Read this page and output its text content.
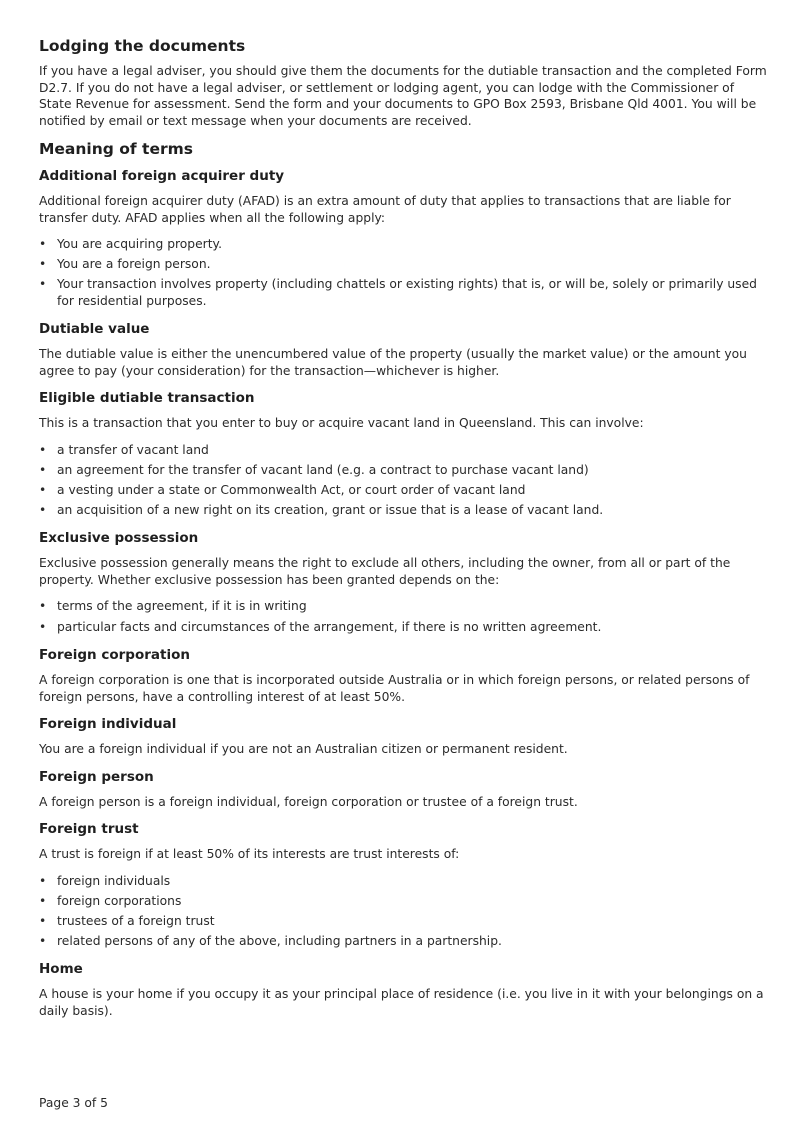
Lodging the documents

If you have a legal adviser, you should give them the documents for the dutiable transaction and the completed Form D2.7. If you do not have a legal adviser, or settlement or lodging agent, you can lodge with the Commissioner of State Revenue for assessment. Send the form and your documents to GPO Box 2593, Brisbane Qld 4001. You will be notified by email or text message when your documents are received.

Meaning of terms
Additional foreign acquirer duty

Additional foreign acquirer duty (AFAD) is an extra amount of duty that applies to transactions that are liable for transfer duty. AFAD applies when all the following apply:

• You are acquiring property.
• You are a foreign person.
• Your transaction involves property (including chattels or existing rights) that is, or will be, solely or primarily used for residential purposes.
Dutiable value

The dutiable value is either the unencumbered value of the property (usually the market value) or the amount you agree to pay (your consideration) for the transaction—whichever is higher.

Eligible dutiable transaction

This is a transaction that you enter to buy or acquire vacant land in Queensland. This can involve:

• a transfer of vacant land
• an agreement for the transfer of vacant land (e.g. a contract to purchase vacant land)
• a vesting under a state or Commonwealth Act, or court order of vacant land
• an acquisition of a new right on its creation, grant or issue that is a lease of vacant land.
Exclusive possession

Exclusive possession generally means the right to exclude all others, including the owner, from all or part of the property. Whether exclusive possession has been granted depends on the:

• terms of the agreement, if it is in writing
• particular facts and circumstances of the arrangement, if there is no written agreement.
Foreign corporation

A foreign corporation is one that is incorporated outside Australia or in which foreign persons, or related persons of foreign persons, have a controlling interest of at least 50%.

Foreign individual

You are a foreign individual if you are not an Australian citizen or permanent resident.

Foreign person

A foreign person is a foreign individual, foreign corporation or trustee of a foreign trust.

Foreign trust

A trust is foreign if at least 50% of its interests are trust interests of:

• foreign individuals
• foreign corporations
• trustees of a foreign trust
• related persons of any of the above, including partners in a partnership.
Home

A house is your home if you occupy it as your principal place of residence (i.e. you live in it with your belongings on a daily basis).

Page 3 of 5
